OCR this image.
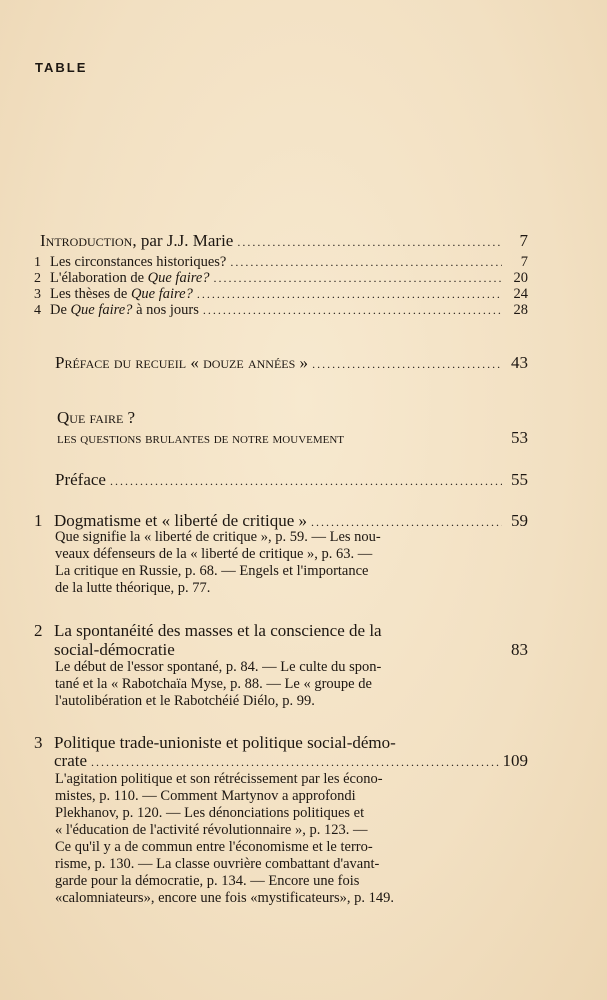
TABLE
Introduction, par J.J. Marie .....	7
1 Les circonstances historiques? .....	7
2 L'élaboration de Que faire? .....	20
3 Les thèses de Que faire? .....	24
4 De Que faire? à nos jours .....	28
Préface du recueil « douze années » .....	43
Que faire ?
les questions brulantes de notre mouvement	53
Préface .....	55
1 Dogmatisme et « liberté de critique » .....	59

Que signifie la « liberté de critique », p. 59. — Les nou-

veaux défenseurs de la « liberté de critique », p. 63. —

La critique en Russie, p. 68. — Engels et l'importance

de la lutte théorique, p. 77.

2 La spontanéité des masses et la conscience de la
social-démocratie	83

Le début de l'essor spontané, p. 84. — Le culte du spon-

tané et la « Rabotchaïa Myse, p. 88. — Le « groupe de

l'autolibération et le Rabotchéié Diélo, p. 99.

3 Politique trade-unioniste et politique social-démo-
crate .....	109

L'agitation politique et son rétrécissement par les écono-

mistes, p. 110. — Comment Martynov a approfondi

Plekhanov, p. 120. — Les dénonciations politiques et

« l'éducation de l'activité révolutionnaire », p. 123. —

Ce qu'il y a de commun entre l'économisme et le terro-

risme, p. 130. — La classe ouvrière combattant d'avant-

garde pour la démocratie, p. 134. — Encore une fois

«calomniateurs», encore une fois «mystificateurs», p. 149.
